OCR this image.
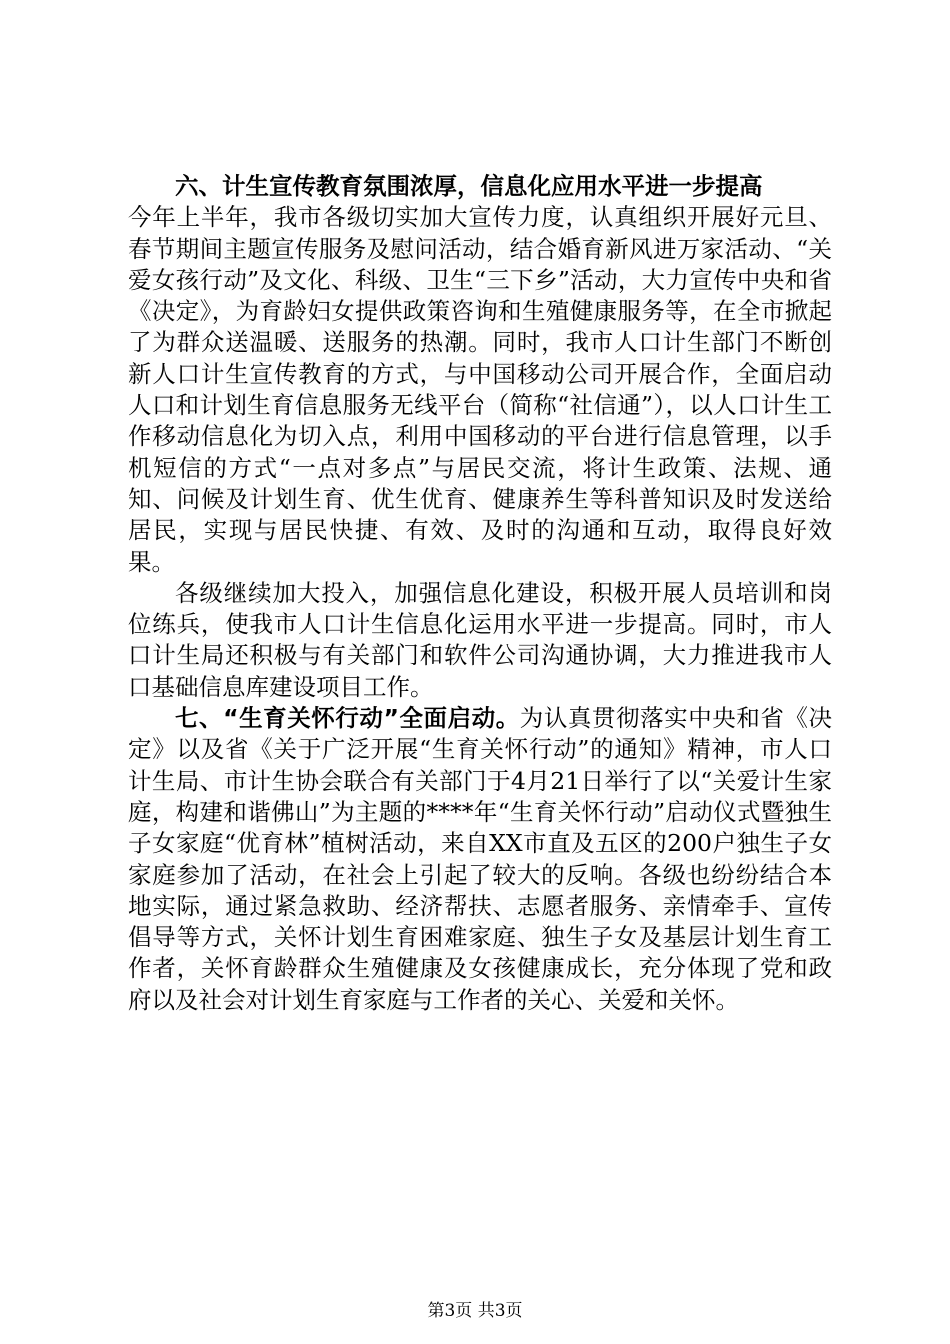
六、计生宣传教育氛围浓厚，信息化应用水平进一步提高

今年上半年，我市各级切实加大宣传力度，认真组织开展好元旦、春节期间主题宣传服务及慰问活动，结合婚育新风进万家活动、“关爱女孩行动”及文化、科级、卫生“三下乡”活动，大力宣传中央和省《决定》，为育龄妇女提供政策咨询和生殖健康服务等，在全市掀起了为群众送温暖、送服务的热潮。同时，我市人口计生部门不断创新人口计生宣传教育的方式，与中国移动公司开展合作，全面启动人口和计划生育信息服务无线平台（简称“社信通”），以人口计生工作移动信息化为切入点，利用中国移动的平台进行信息管理，以手机短信的方式“一点对多点”与居民交流，将计生政策、法规、通知、问候及计划生育、优生优育、健康养生等科普知识及时发送给居民，实现与居民快捷、有效、及时的沟通和互动，取得良好效果。

各级继续加大投入，加强信息化建设，积极开展人员培训和岗位练兵，使我市人口计生信息化运用水平进一步提高。同时，市人口计生局还积极与有关部门和软件公司沟通协调，大力推进我市人口基础信息库建设项目工作。

七、“生育关怀行动”全面启动。为认真贯彻落实中央和省《决定》以及省《关于广泛开展“生育关怀行动”的通知》精神，市人口计生局、市计生协会联合有关部门于4月21日举行了以“关爱计生家庭，构建和谐佛山”为主题的****年“生育关怀行动”启动仪式暨独生子女家庭“优育林”植树活动，来自XX市直及五区的200户独生子女家庭参加了活动，在社会上引起了较大的反响。各级也纷纷结合本地实际，通过紧急救助、经济帮扶、志愿者服务、亲情牵手、宣传倡导等方式，关怀计划生育困难家庭、独生子女及基层计划生育工作者，关怀育龄群众生殖健康及女孩健康成长，充分体现了党和政府以及社会对计划生育家庭与工作者的关心、关爱和关怀。

第3页 共3页
